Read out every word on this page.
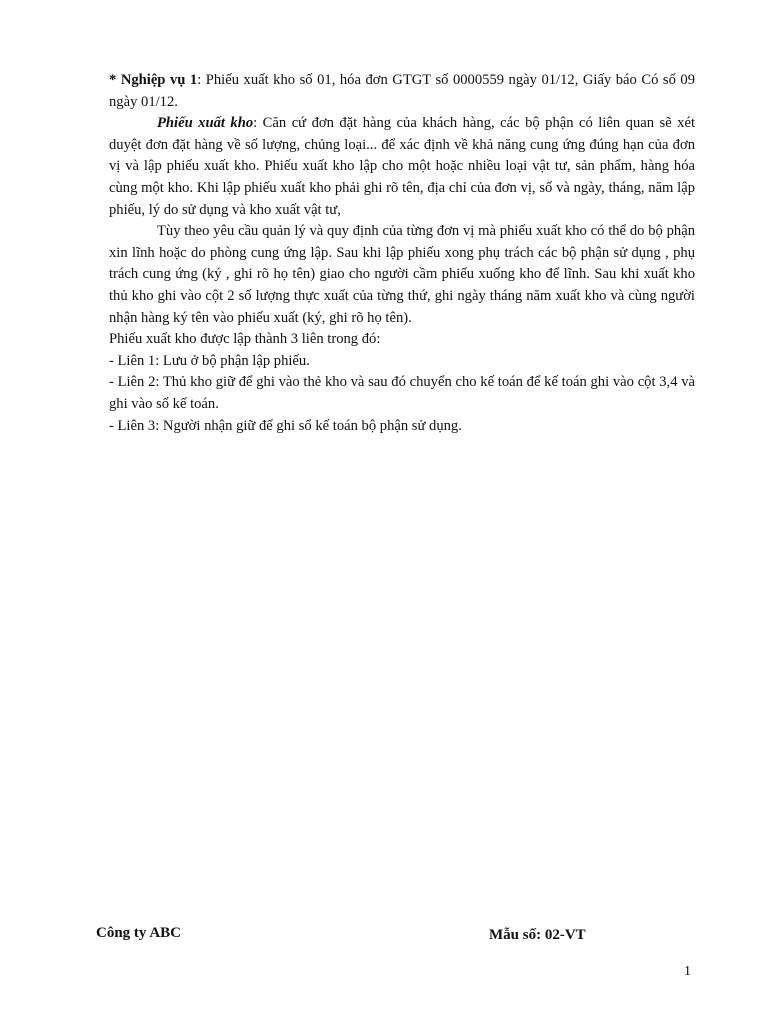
* Nghiệp vụ 1: Phiếu xuất kho số 01, hóa đơn GTGT số 0000559 ngày 01/12, Giấy báo Có số 09 ngày 01/12.

Phiếu xuất kho: Căn cứ đơn đặt hàng của khách hàng, các bộ phận có liên quan sẽ xét duyệt đơn đặt hàng về số lượng, chủng loại... để xác định về khả năng cung ứng đúng hạn của đơn vị và lập phiếu xuất kho. Phiếu xuất kho lập cho một hoặc nhiều loại vật tư, sản phẩm, hàng hóa cùng một kho. Khi lập phiếu xuất kho phải ghi rõ tên, địa chỉ của đơn vị, số và ngày, tháng, năm lập phiếu, lý do sử dụng và kho xuất vật tư,

Tùy theo yêu cầu quản lý và quy định của từng đơn vị mà phiếu xuất kho có thể do bộ phận xin lĩnh hoặc do phòng cung ứng lập. Sau khi lập phiếu xong phụ trách các bộ phận sử dụng , phụ trách cung ứng (ký , ghi rõ họ tên) giao cho người cầm phiếu xuống kho để lĩnh. Sau khi xuất kho thủ kho ghi vào cột 2 số lượng thực xuất của từng thứ, ghi ngày tháng năm xuất kho và cùng người nhận hàng ký tên vào phiếu xuất (ký, ghi rõ họ tên).

Phiếu xuất kho được lập thành 3 liên trong đó:

- Liên 1: Lưu ở bộ phận lập phiếu.

- Liên 2: Thủ kho giữ để ghi vào thẻ kho và sau đó chuyển cho kế toán để kế toán ghi vào cột 3,4 và ghi vào sổ kế toán.

- Liên 3: Người nhận giữ để ghi sổ kế toán bộ phận sử dụng.

Công ty ABC	Mẫu số: 02-VT
1
